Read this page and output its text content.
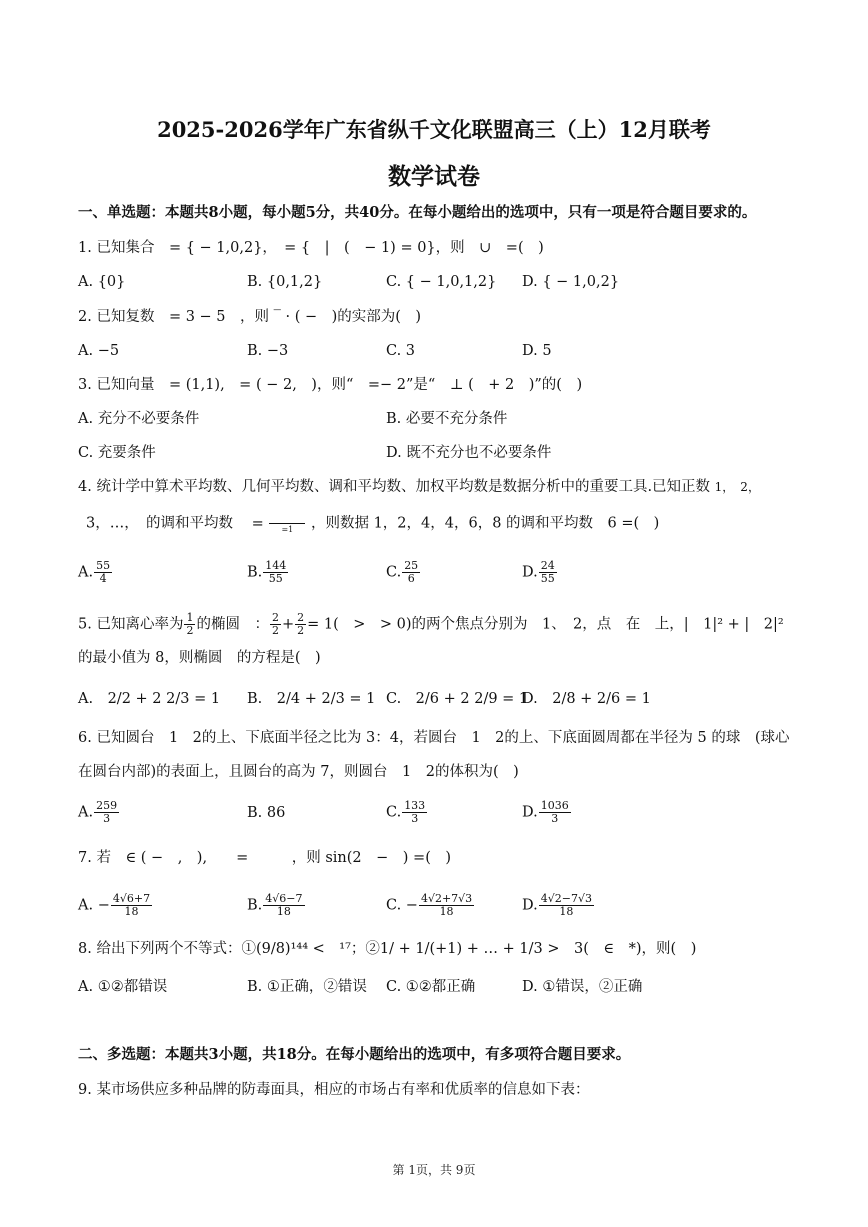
2025-2026学年广东省纵千文化联盟高三（上）12月联考
数学试卷
一、单选题：本题共8小题，每小题5分，共40分。在每小题给出的选项中，只有一项是符合题目要求的。
1. 已知集合　= { − 1,0,2}，　= {　|　(　− 1) = 0}，则　∪　=(　)
A. {0}	B. {0,1,2}	C. { − 1,0,1,2} D. { − 1,0,2}
2. 已知复数　= 3 − 5　，则 ‾ · ( −　)的实部为(　)
A. −5	B. −3	C. 3	D. 5
3. 已知向量　= (1,1),　= ( − 2,　)，则“　=− 2”是“　⊥ (　+ 2　)”的(　)
A. 充分不必要条件	B. 必要不充分条件
C. 充要条件	D. 既不充分也不必要条件
4. 统计学中算术平均数、几何平均数、调和平均数、加权平均数是数据分析中的重要工具.已知正数 1，　2，
3，…，　的调和平均数 =
	=1	，则数据 1，2，4，4，6，8 的调和平均数　6 =(　)
A. $\frac{55}{4}$	B. $\frac{144}{55}$	C. $\frac{25}{6}$	D. $\frac{24}{55}$
5. 已知离心率为 $\frac{1}{2}$ 的椭圆　： $\frac{2}{2} + \frac{2}{2} = 1$(　>　> 0)的两个焦点分别为　1、　2，点　在　上，|　1|² + |　2|²
的最小值为 8，则椭圆　的方程是(　)
A.　2/2 + 2 2/3 = 1 B.　2/4 + 2/3 = 1 C.　2/6 + 2 2/9 = 1
D.　2/8 + 2/6 = 1
6. 已知圆台　1　2的上、下底面半径之比为 3：4，若圆台　1　2的上、下底面圆周都在半径为 5 的球　(球心
在圆台内部)的表面上，且圆台的高为 7，则圆台　1　2的体积为(　)
A. $\frac{259}{3}$	B. 86	C. $\frac{133}{3}$	D. $\frac{1036}{3}$
7. 若　∈ ( −　,　),　　=　　　，则 sin(2　−　) =(　)
A. − $\frac{4√6+7}{18}$	B. $\frac{4√6-7}{18}$	C. − $\frac{4√2+7√3}{18}$	D. $\frac{4√2-7√3}{18}$
8. 给出下列两个不等式：①(9/8)¹⁴⁴ <　¹⁷；②1/ + 1/(+1) + … + 1/3 >　3(　∈　*)，则(　)
A. ①②都错误	B. ①正确，②错误 C. ①②都正确	D. ①错误，②正确
二、多选题：本题共3小题，共18分。在每小题给出的选项中，有多项符合题目要求。
9. 某市场供应多种品牌的防毒面具，相应的市场占有率和优质率的信息如下表：
第 1页，共 9页
